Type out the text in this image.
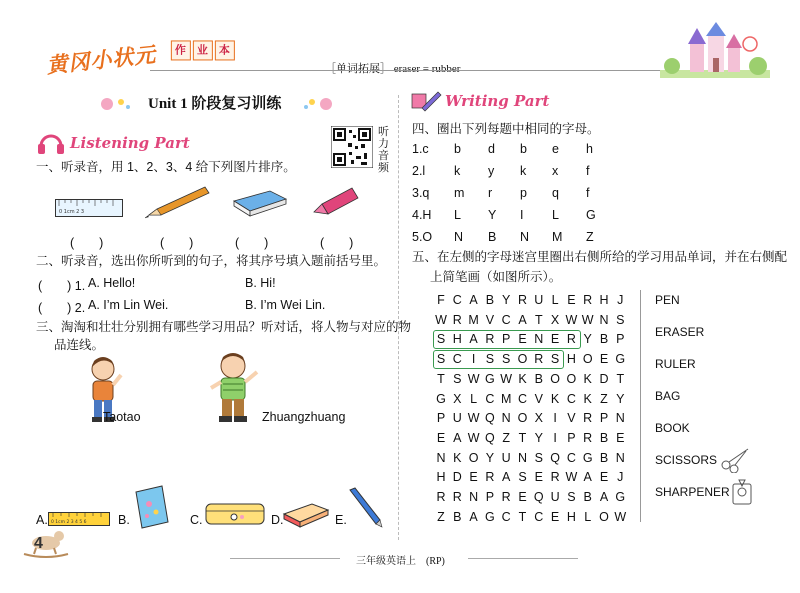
黄冈小状元	作 业 本
［单词拓展］ eraser = rubber
Unit 1 阶段复习训练
Listening Part
听力音频
一、听录音，用 1、2、3、4 给下列图片排序。
0 1cm 2 3
(　　)	(　　)	(　　)	(　　)
二、听录音，选出你所听到的句子，将其序号填入题前括号里。
(　　) 1. A. Hello!	B. Hi!
(　　) 2. A. I’m Lin Wei.	B. I’m Wei Lin.
三、淘淘和壮壮分别拥有哪些学习用品？听对话，将人物与对应的物
品连线。
Taotao	Zhuangzhuang
A. 0 1cm 2 3 4 5 6	B.	C.	D.	E.
Writing Part
四、圈出下列每题中相同的字母。
1.c b d b e h
2.l k y k x f
3.q m r p q f
4.H L Y I L G
5.O N B N M Z
五、在左侧的字母迷宫里圈出右侧所给的学习用品单词，并在右侧配
上简笔画（如图所示）。
F C A B Y R U L E R H J
W R M V C A T X W W N S
S H A R P E N E R Y B P
S C I S S O R S H O E G
T S W G W K B O O K D T
G X L C M C V K C K Z Y
P U W Q N O X I V R P N
E A W Q Z T Y I P R B E
N K O Y U N S Q C G B N
H D E R A S E R W A E J
R R N P R E Q U S B A G
Z B A G C T C E H L O W
PEN
ERASER
RULER
BAG
BOOK
SCISSORS
SHARPENER
4
三年级英语上　(RP)
